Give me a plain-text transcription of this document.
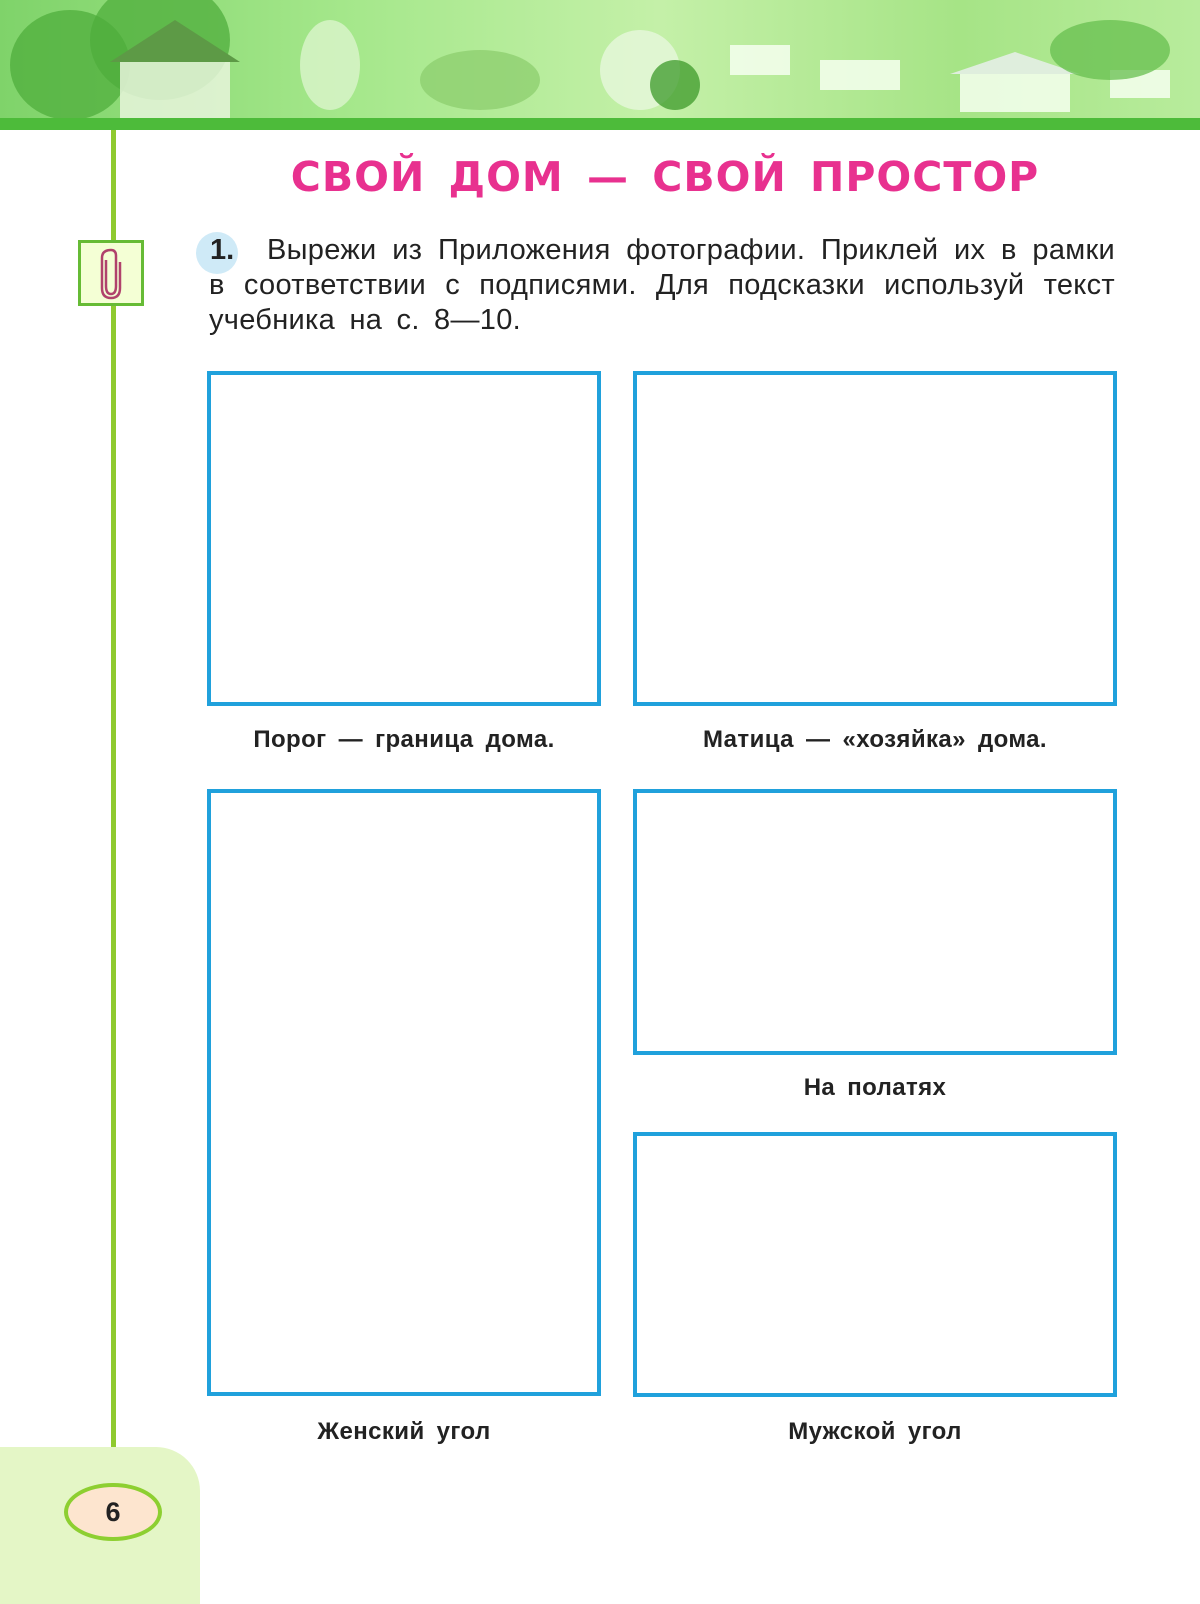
6
СВОЙ ДОМ — СВОЙ ПРОСТОР
Вырежи из Приложения фотографии. Приклей их в рамки в соответствии с подписями. Для подсказки используй текст учебника на с. 8—10.
1.
Порог — граница дома.	Матица — «хозяйка» дома.
Женский угол
На полатях
Мужской угол
